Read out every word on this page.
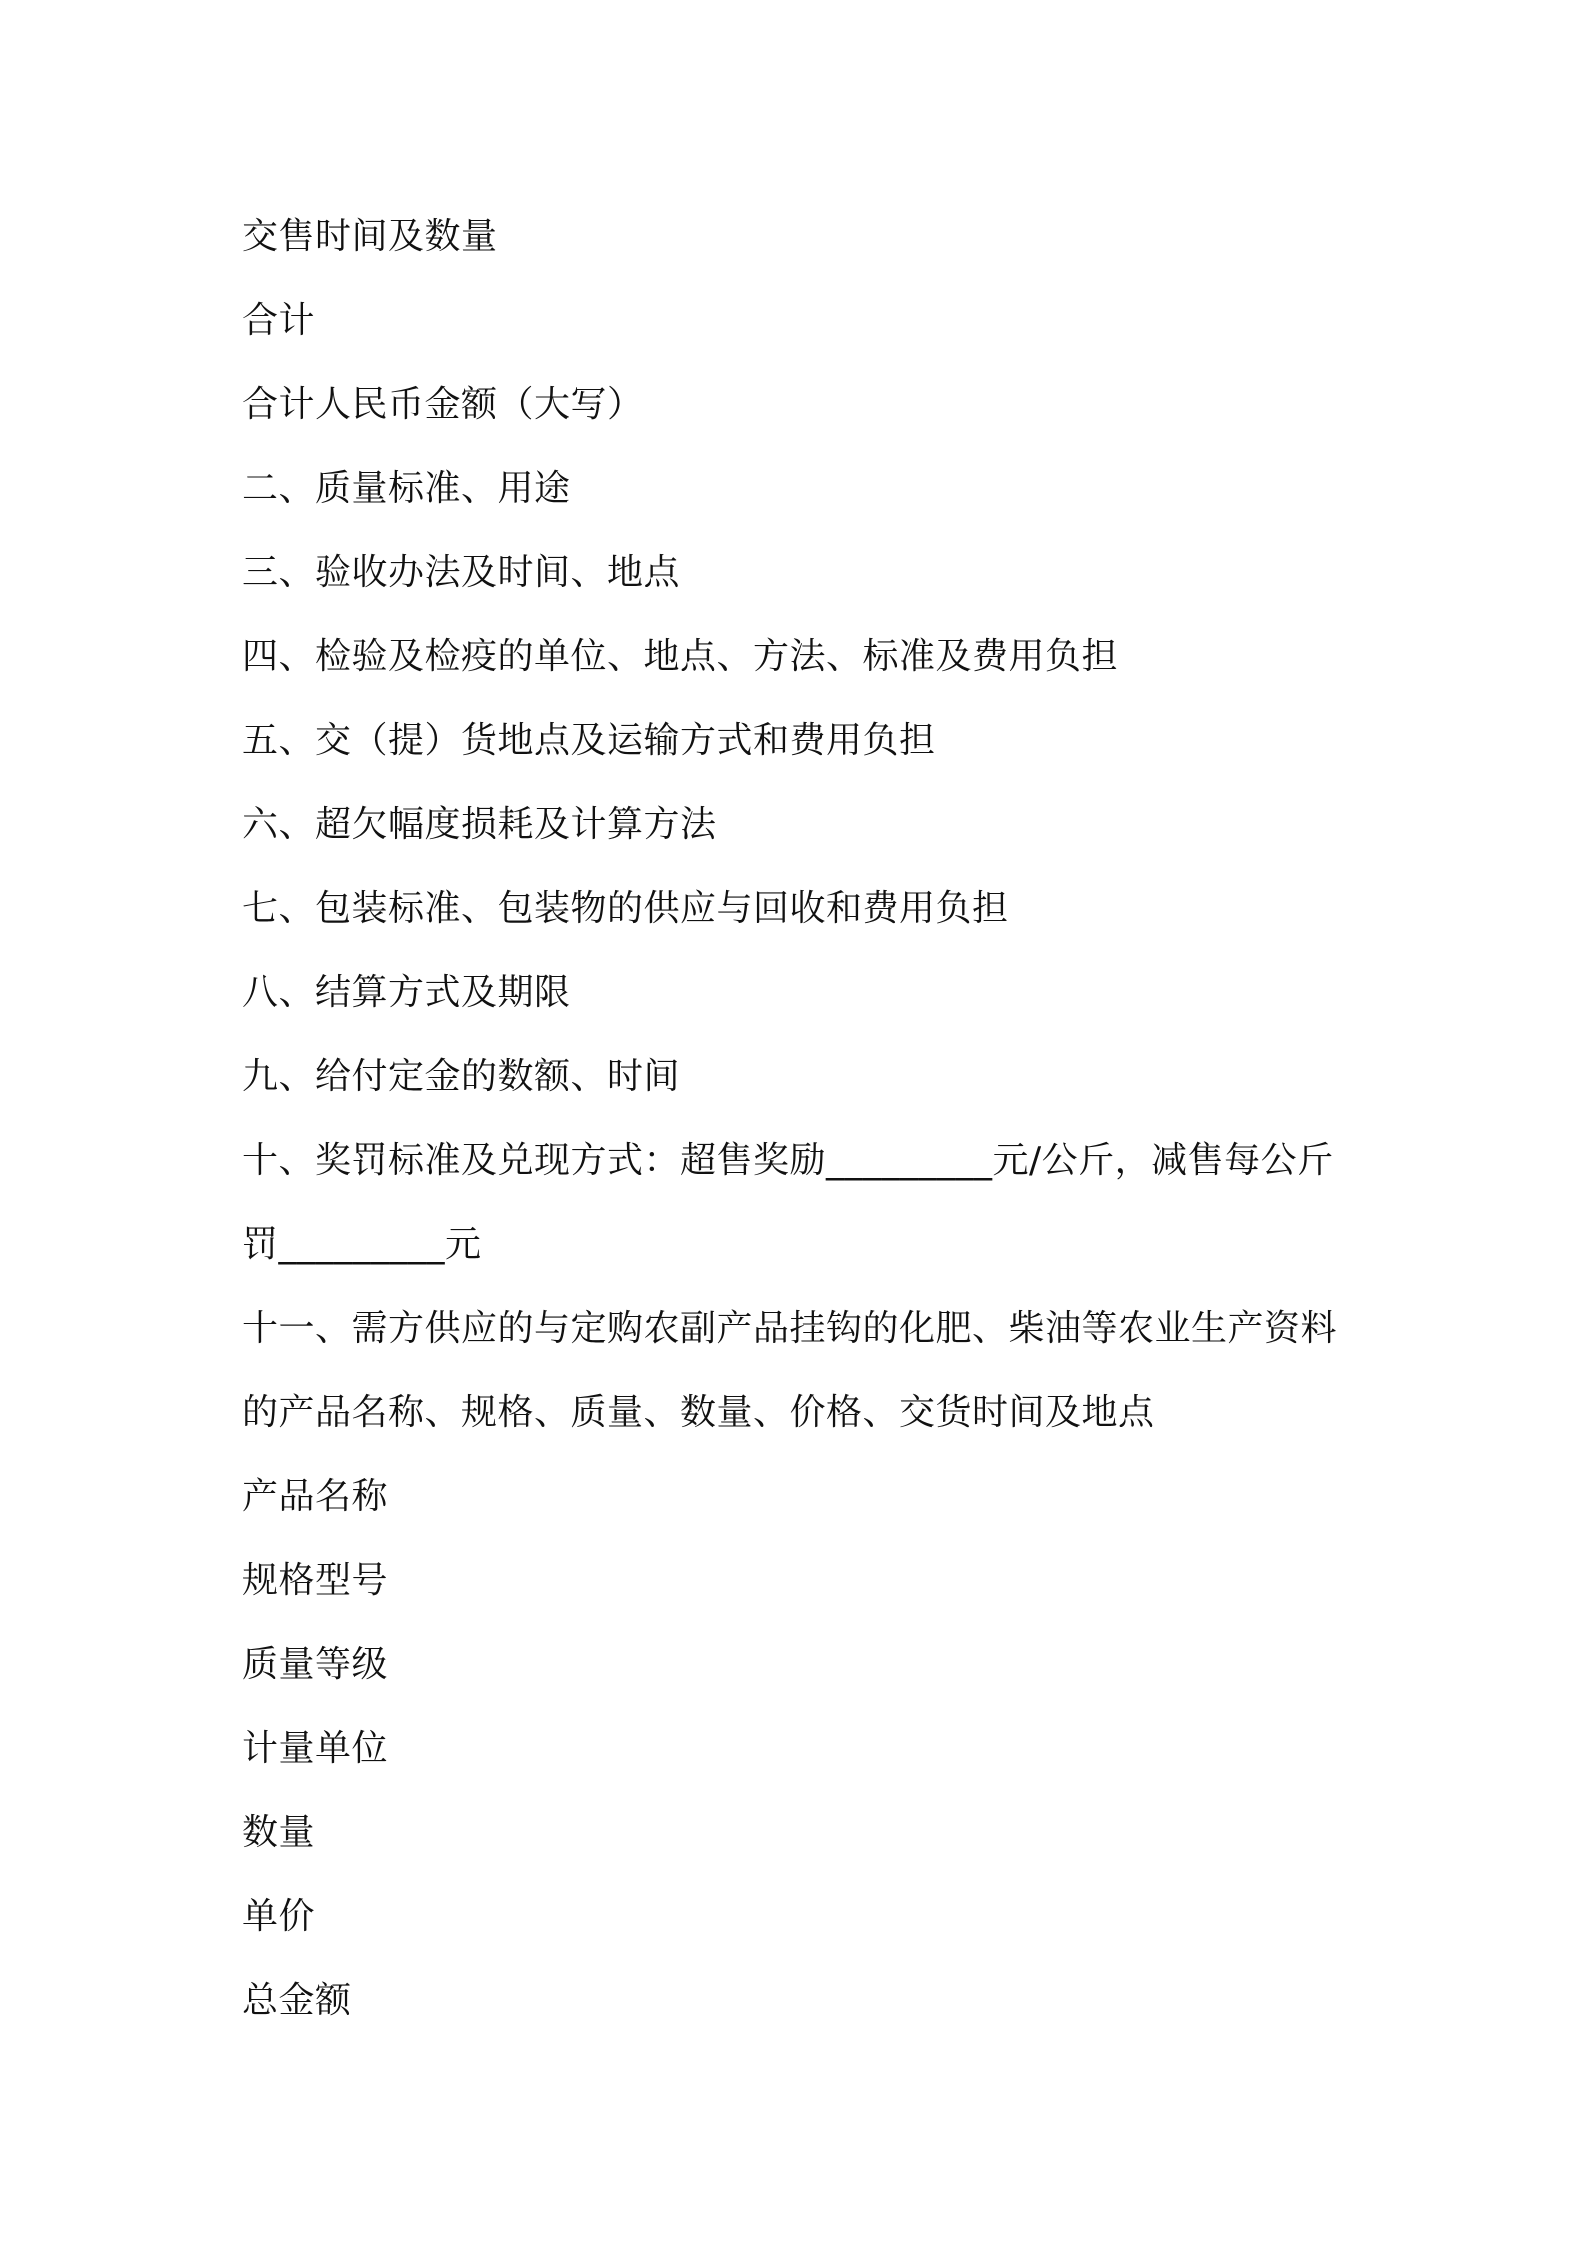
交售时间及数量
合计
合计人民币金额（大写）
二、质量标准、用途
三、验收办法及时间、地点
四、检验及检疫的单位、地点、方法、标准及费用负担
五、交（提）货地点及运输方式和费用负担
六、超欠幅度损耗及计算方法
七、包装标准、包装物的供应与回收和费用负担
八、结算方式及期限
九、给付定金的数额、时间
十、奖罚标准及兑现方式：超售奖励_________元/公斤，减售每公斤
罚_________元
十一、需方供应的与定购农副产品挂钩的化肥、柴油等农业生产资料
的产品名称、规格、质量、数量、价格、交货时间及地点
产品名称
规格型号
质量等级
计量单位
数量
单价
总金额
